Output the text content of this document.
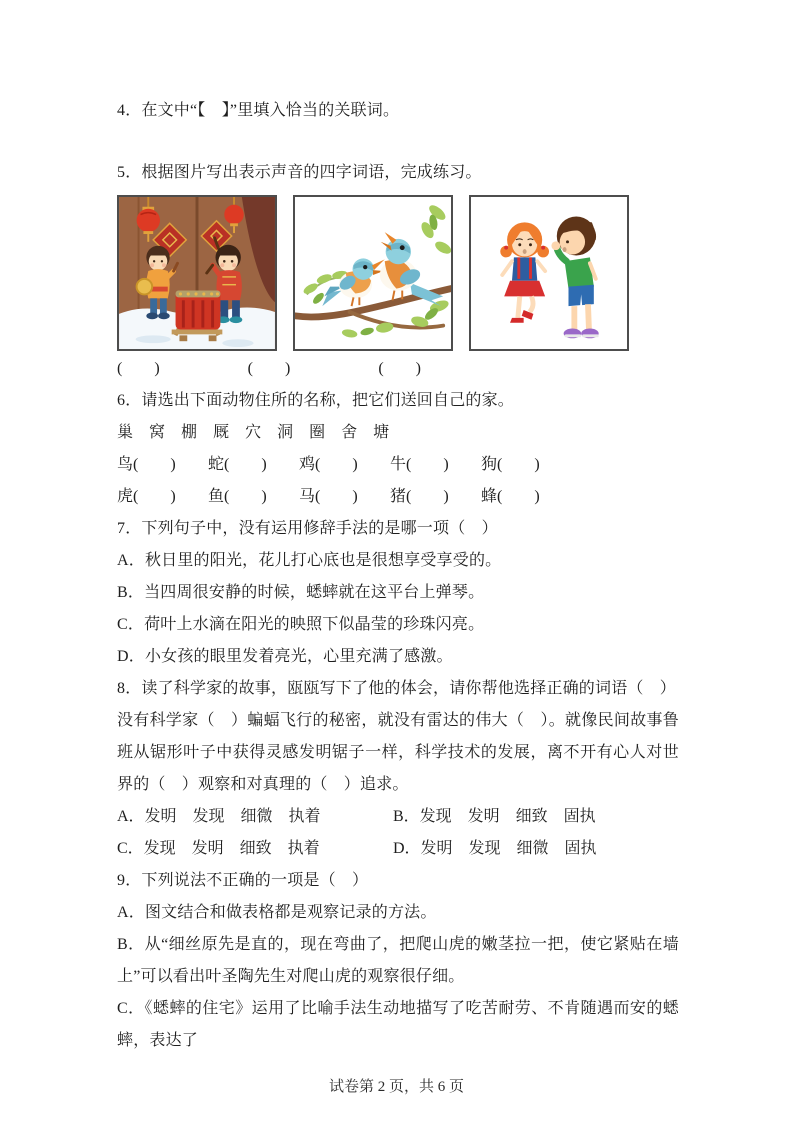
4．在文中“【　】”里填入恰当的关联词。

5．根据图片写出表示声音的四字词语，完成练习。

(　　)	(　　)	(　　)

6．请选出下面动物住所的名称，把它们送回自己的家。

巢 窝 棚 厩 穴 洞 圈 舍 塘
鸟(　　)	蛇(　　)	鸡(　　)	牛(　　)	狗(　　)
虎(　　)	鱼(　　)	马(　　)	猪(　　)	蜂(　　)

7．下列句子中，没有运用修辞手法的是哪一项（　）

A．秋日里的阳光，花儿打心底也是很想享受享受的。

B．当四周很安静的时候，蟋蟀就在这平台上弹琴。

C．荷叶上水滴在阳光的映照下似晶莹的珍珠闪亮。

D．小女孩的眼里发着亮光，心里充满了感激。

8．读了科学家的故事，瓯瓯写下了他的体会，请你帮他选择正确的词语（　）

没有科学家（　）蝙蝠飞行的秘密，就没有雷达的伟大（　）。就像民间故事鲁班从锯形叶子中获得灵感发明锯子一样，科学技术的发展，离不开有心人对世界的（　）观察和对真理的（　）追求。

A．发明　发现　细微　执着	B．发现　发明　细致　固执
C．发现　发明　细致　执着	D．发明　发现　细微　固执

9．下列说法不正确的一项是（　）

A．图文结合和做表格都是观察记录的方法。

B．从“细丝原先是直的，现在弯曲了，把爬山虎的嫩茎拉一把，使它紧贴在墙上”可以看出叶圣陶先生对爬山虎的观察很仔细。

C．《蟋蟀的住宅》运用了比喻手法生动地描写了吃苦耐劳、不肯随遇而安的蟋蟀，表达了

试卷第 2 页，共 6 页
